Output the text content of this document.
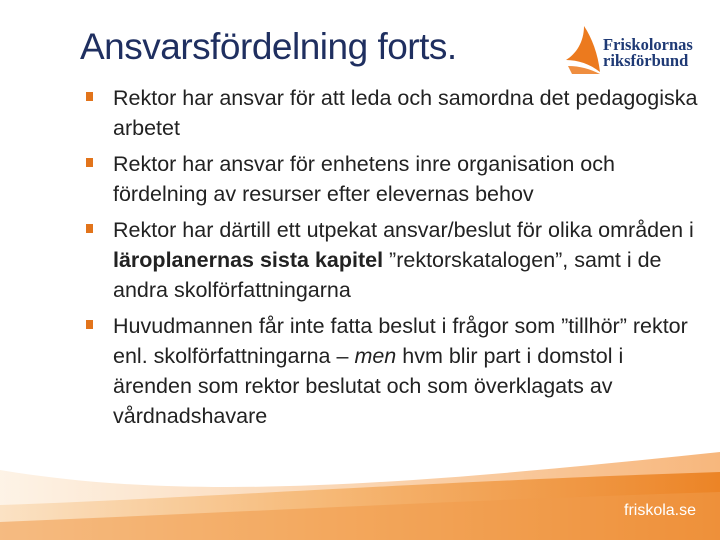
Ansvarsfördelning forts.	Friskolornas
riksförbund
Rektor har ansvar för att leda och samordna det pedagogiska arbetet
Rektor har ansvar för enhetens inre organisation och fördelning av resurser efter elevernas behov
Rektor har därtill ett utpekat ansvar/beslut för olika områden i läroplanernas sista kapitel ”rektorskatalogen”, samt i de andra skolförfattningarna
Huvudmannen får inte fatta beslut i frågor som ”tillhör” rektor enl. skolförfattningarna – men hvm blir part i domstol i ärenden som rektor beslutat och som överklagats av vårdnadshavare
friskola.se
